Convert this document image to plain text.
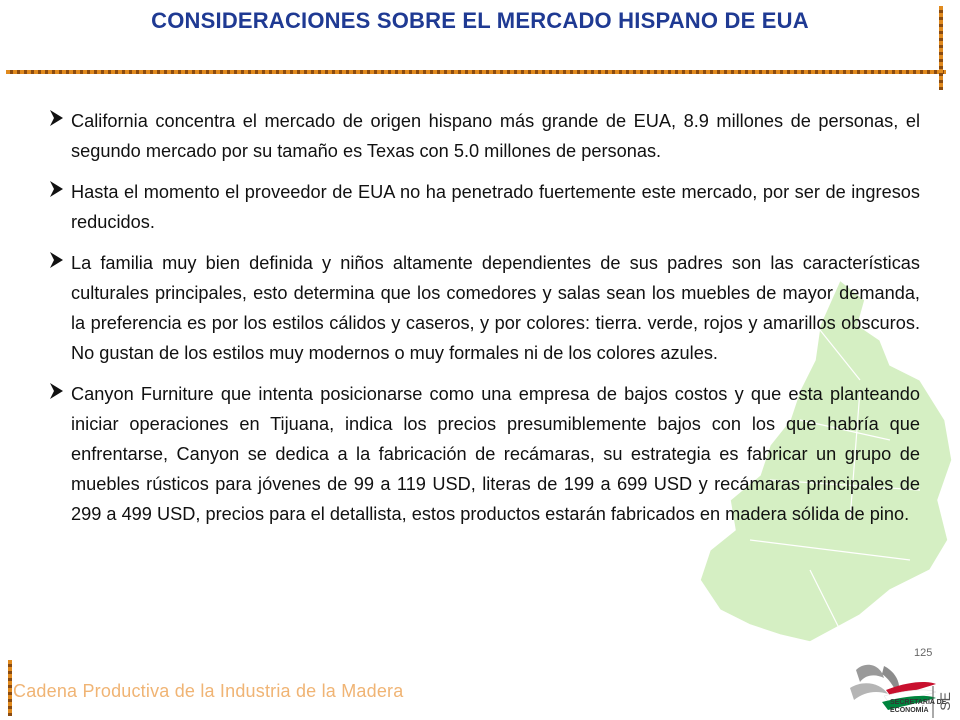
CONSIDERACIONES SOBRE EL MERCADO HISPANO DE EUA
California concentra el mercado de origen hispano más grande de EUA, 8.9 millones de personas, el segundo mercado por su tamaño es Texas con 5.0 millones de personas.
Hasta el momento el proveedor de EUA no ha penetrado fuertemente este mercado, por ser de ingresos reducidos.
La familia muy bien definida y niños altamente dependientes de sus padres son las características culturales principales, esto determina que los comedores y salas sean los muebles de mayor demanda, la preferencia es por los estilos cálidos y caseros, y por colores: tierra. verde, rojos y amarillos obscuros. No gustan de los estilos muy modernos o muy formales ni de los colores azules.
Canyon Furniture que intenta posicionarse como una empresa de bajos costos y que esta planteando iniciar operaciones en Tijuana, indica los precios presumiblemente bajos con los que habría que enfrentarse, Canyon se dedica a la fabricación de recámaras, su estrategia es fabricar un grupo de muebles rústicos para jóvenes de 99 a 119 USD, literas de 199 a 699 USD y recámaras principales de 299 a 499 USD, precios para el detallista, estos productos estarán fabricados en madera sólida de pino.
125
Cadena Productiva de la Industria de la Madera
SECRETARÍA DE
ECONOMÍA SE
